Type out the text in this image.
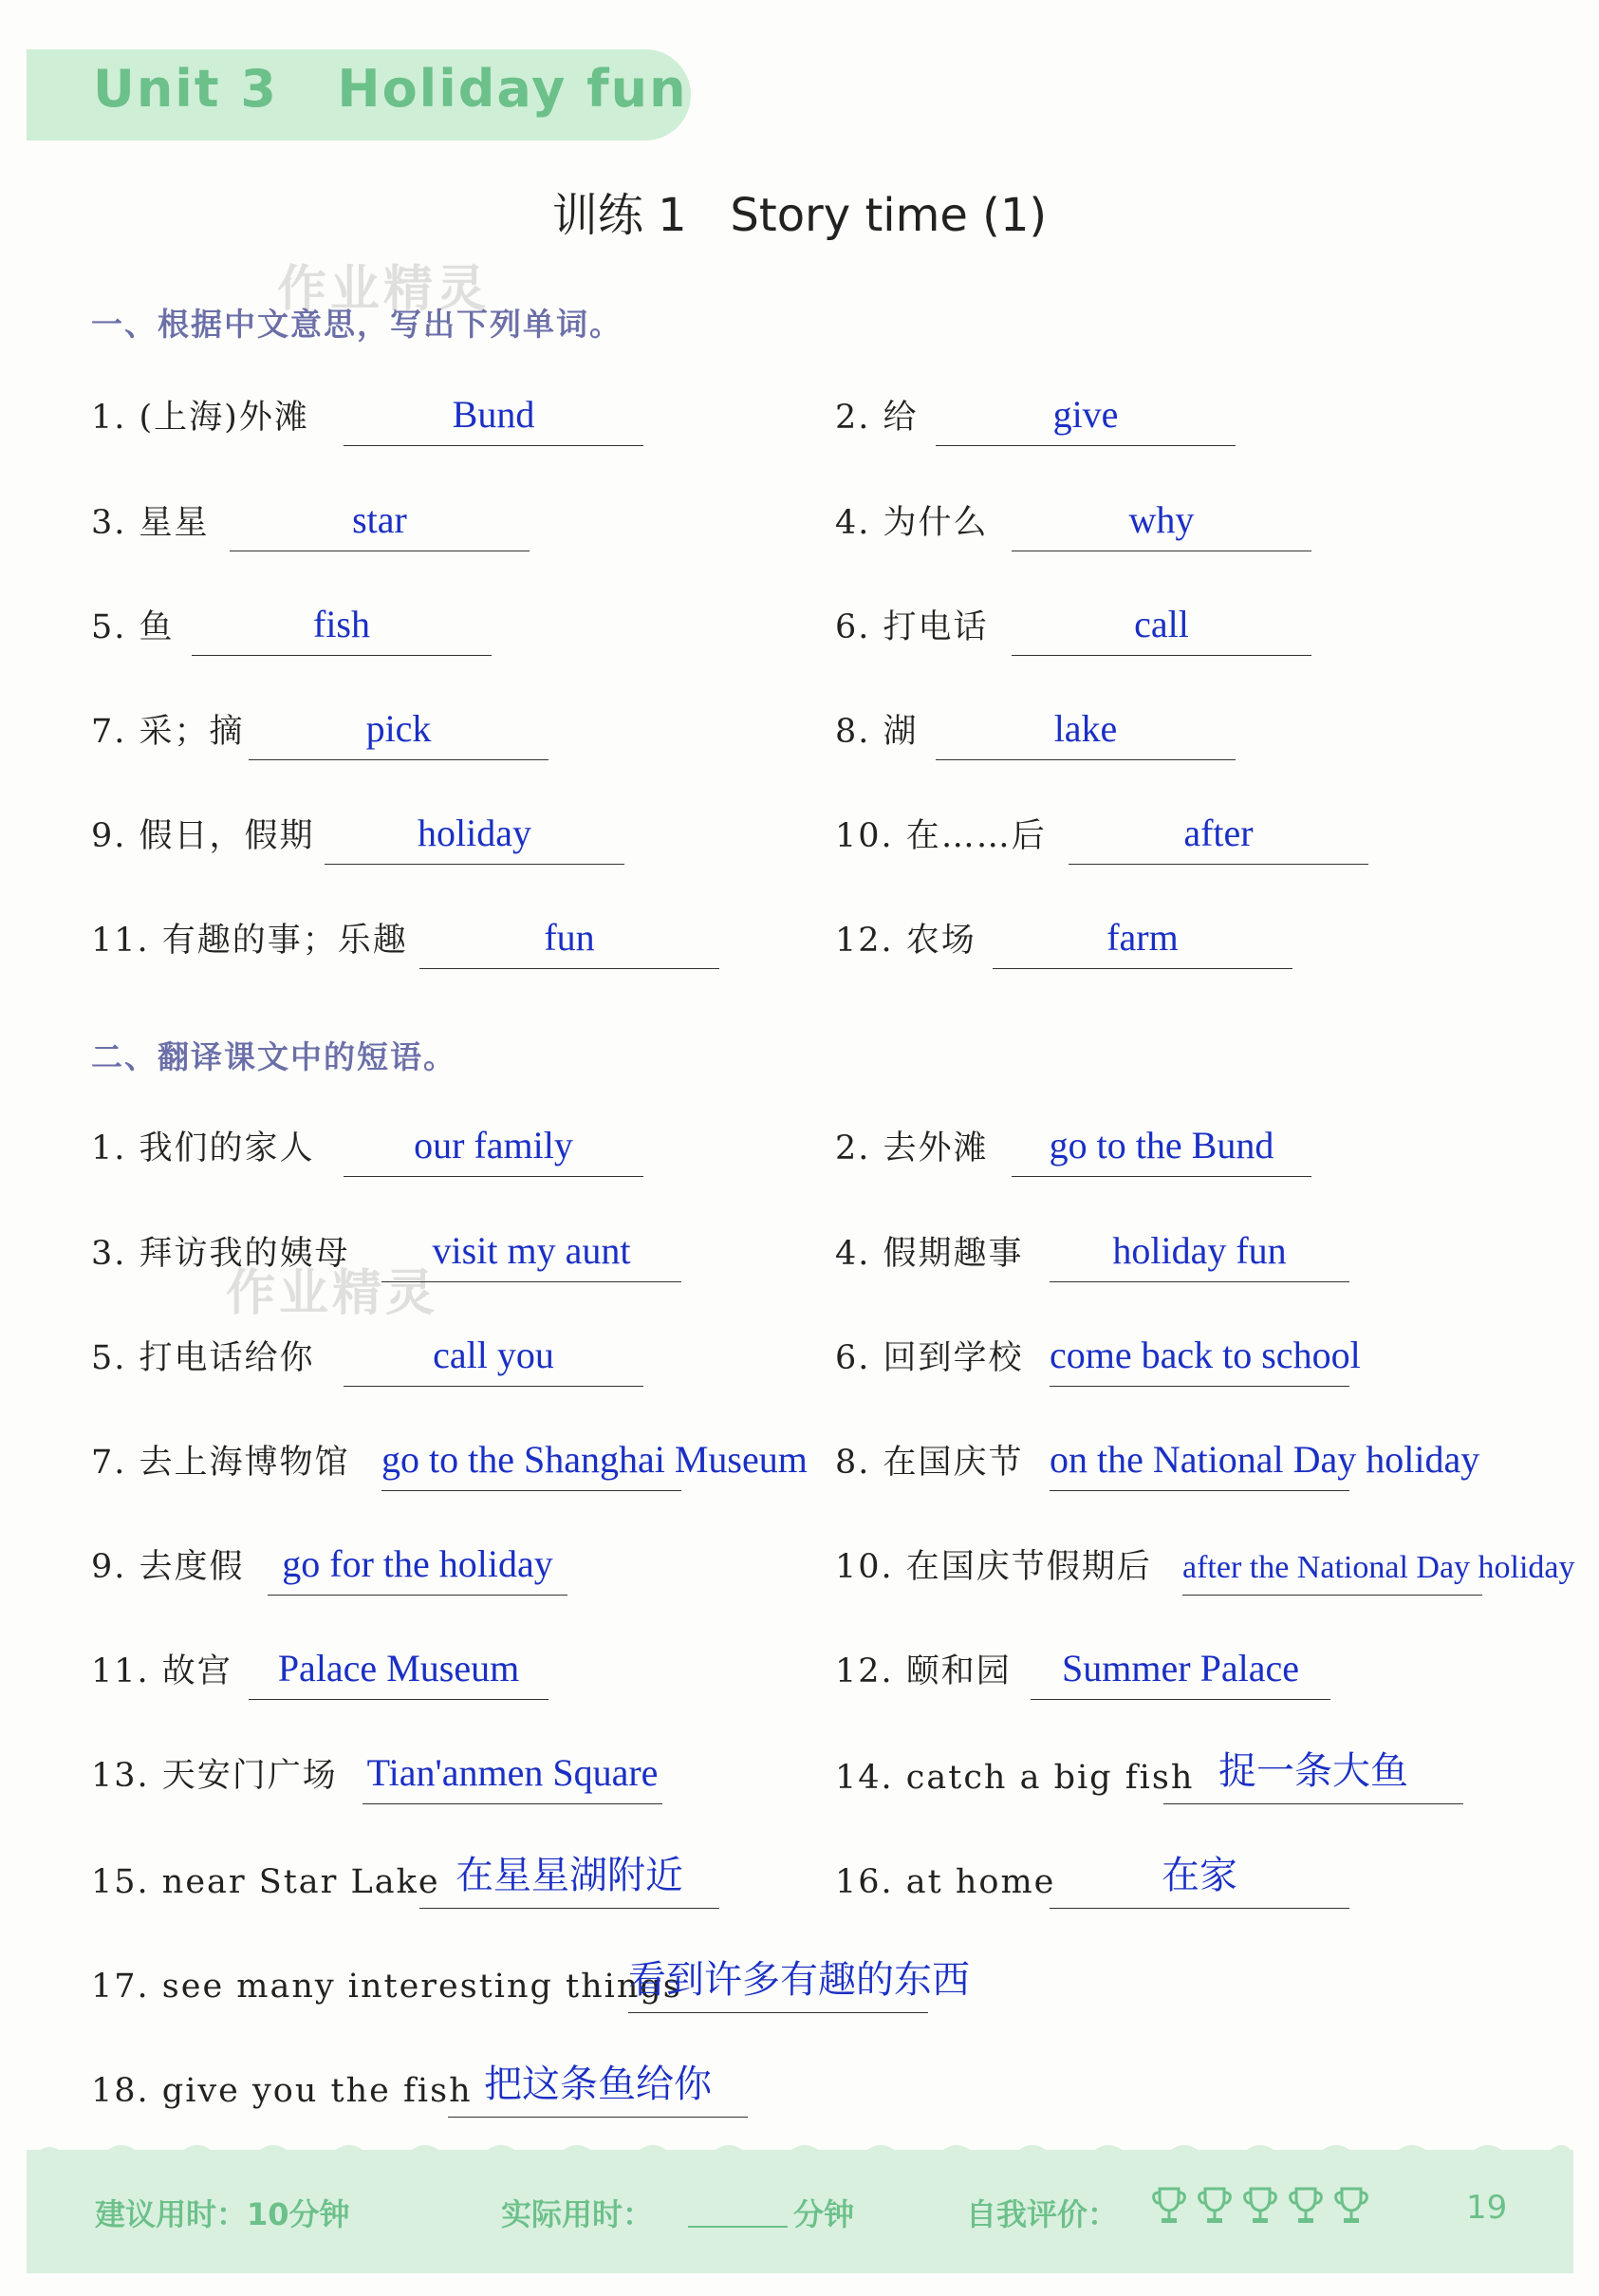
Unit 3   Holiday fun
训练 1   Story time (1)
作业精灵
作业精灵
一、根据中文意思，写出下列单词。
1. (上海)外滩	Bund	2. 给	give
3. 星星	star	4. 为什么	why
5. 鱼	fish	6. 打电话	call
7. 采；摘	pick	8. 湖	lake
9. 假日，假期	holiday	10. 在……后	after
11. 有趣的事；乐趣	fun	12. 农场	farm
二、翻译课文中的短语。
1. 我们的家人	our family	2. 去外滩	go to the Bund
3. 拜访我的姨母	visit my aunt	4. 假期趣事	holiday fun
5. 打电话给你	call you	6. 回到学校 come back to school
7. 去上海博物馆 go to the Shanghai Museum 8. 在国庆节 on the National Day holiday
9. 去度假 go for the holiday	10. 在国庆节假期后 after the National Day holiday
11. 故宫	Palace Museum	12. 颐和园	Summer Palace
13. 天安门广场 Tian'anmen Square	14. catch a big fish 捉一条大鱼
15. near Star Lake 在星星湖附近	16. at home	在家
17. see many interesting things
看到许多有趣的东西
18. give you the fish 把这条鱼给你
建议用时：10分钟	实际用时：	分钟	自我评价：	19
